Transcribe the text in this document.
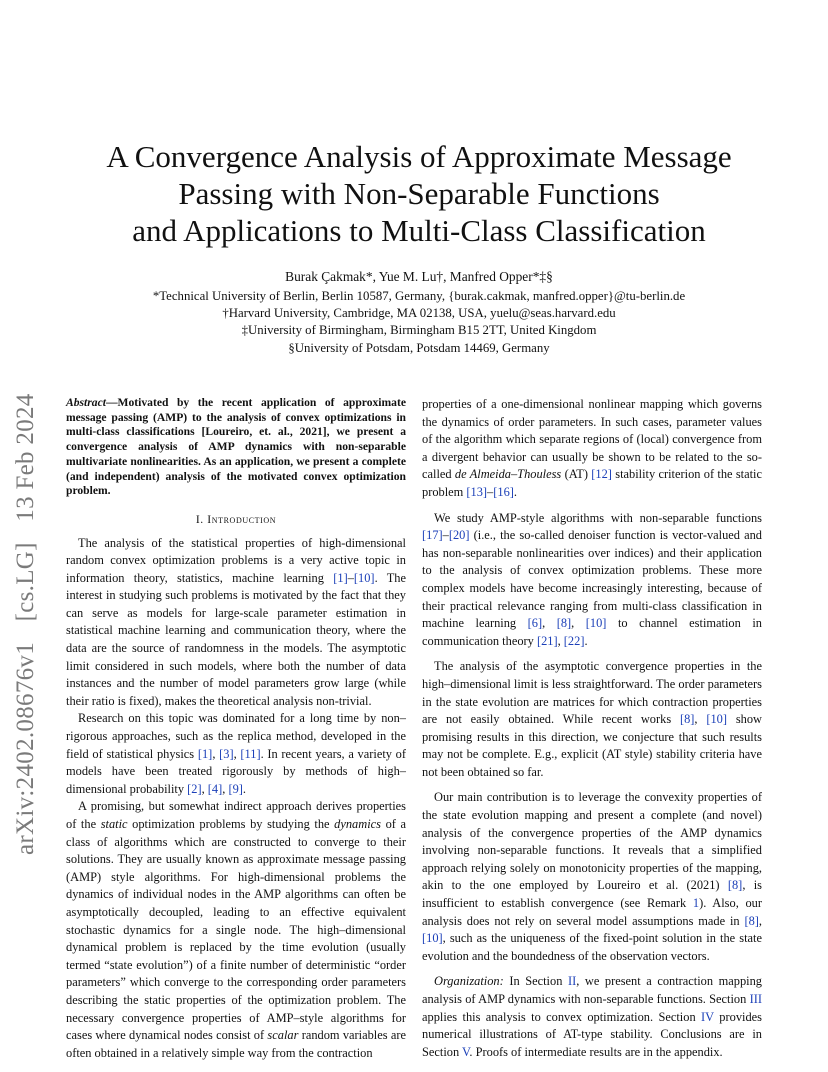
arXiv:2402.08676v1 [cs.LG] 13 Feb 2024
A Convergence Analysis of Approximate Message
Passing with Non-Separable Functions
and Applications to Multi-Class Classification
Burak Çakmak*, Yue M. Lu†, Manfred Opper*‡§
*Technical University of Berlin, Berlin 10587, Germany, {burak.cakmak, manfred.opper}@tu-berlin.de
†Harvard University, Cambridge, MA 02138, USA, yuelu@seas.harvard.edu
‡University of Birmingham, Birmingham B15 2TT, United Kingdom
§University of Potsdam, Potsdam 14469, Germany

Abstract—Motivated by the recent application of approximate message passing (AMP) to the analysis of convex optimizations in multi-class classifications [Loureiro, et. al., 2021], we present a convergence analysis of AMP dynamics with non-separable multivariate nonlinearities. As an application, we present a complete (and independent) analysis of the motivated convex optimization problem.

I. Introduction

The analysis of the statistical properties of high-dimensional random convex optimization problems is a very active topic in information theory, statistics, machine learning [1]–[10]. The interest in studying such problems is motivated by the fact that they can serve as models for large-scale parameter estimation in statistical machine learning and communication theory, where the data are the source of randomness in the models. The asymptotic limit considered in such models, where both the number of data instances and the number of model parameters grow large (while their ratio is fixed), makes the theoretical analysis non-trivial.

Research on this topic was dominated for a long time by non–rigorous approaches, such as the replica method, developed in the field of statistical physics [1], [3], [11]. In recent years, a variety of models have been treated rigorously by methods of high–dimensional probability [2], [4], [9].

A promising, but somewhat indirect approach derives properties of the static optimization problems by studying the dynamics of a class of algorithms which are constructed to converge to their solutions. They are usually known as approximate message passing (AMP) style algorithms. For high-dimensional problems the dynamics of individual nodes in the AMP algorithms can often be asymptotically decoupled, leading to an effective equivalent stochastic dynamics for a single node. The high–dimensional dynamical problem is replaced by the time evolution (usually termed “state evolution”) of a finite number of deterministic “order parameters” which converge to the corresponding order parameters describing the static properties of the optimization problem. The necessary convergence properties of AMP–style algorithms for cases where dynamical nodes consist of scalar random variables are often obtained in a relatively simple way from the contraction

properties of a one-dimensional nonlinear mapping which governs the dynamics of order parameters. In such cases, parameter values of the algorithm which separate regions of (local) convergence from a divergent behavior can usually be shown to be related to the so-called de Almeida–Thouless (AT) [12] stability criterion of the static problem [13]–[16].

We study AMP-style algorithms with non-separable functions [17]–[20] (i.e., the so-called denoiser function is vector-valued and has non-separable nonlinearities over indices) and their application to the analysis of convex optimization problems. These more complex models have become increasingly interesting, because of their practical relevance ranging from multi-class classification in machine learning [6], [8], [10] to channel estimation in communication theory [21], [22].

The analysis of the asymptotic convergence properties in the high–dimensional limit is less straightforward. The order parameters in the state evolution are matrices for which contraction properties are not easily obtained. While recent works [8], [10] show promising results in this direction, we conjecture that such results may not be complete. E.g., explicit (AT style) stability criteria have not been obtained so far.

Our main contribution is to leverage the convexity properties of the state evolution mapping and present a complete (and novel) analysis of the convergence properties of the AMP dynamics involving non-separable functions. It reveals that a simplified approach relying solely on monotonicity properties of the mapping, akin to the one employed by Loureiro et al. (2021) [8], is insufficient to establish convergence (see Remark 1). Also, our analysis does not rely on several model assumptions made in [8], [10], such as the uniqueness of the fixed-point solution in the state evolution and the boundedness of the observation vectors.

Organization: In Section II, we present a contraction mapping analysis of AMP dynamics with non-separable functions. Section III applies this analysis to convex optimization. Section IV provides numerical illustrations of AT-type stability. Conclusions are in Section V. Proofs of intermediate results are in the appendix.
